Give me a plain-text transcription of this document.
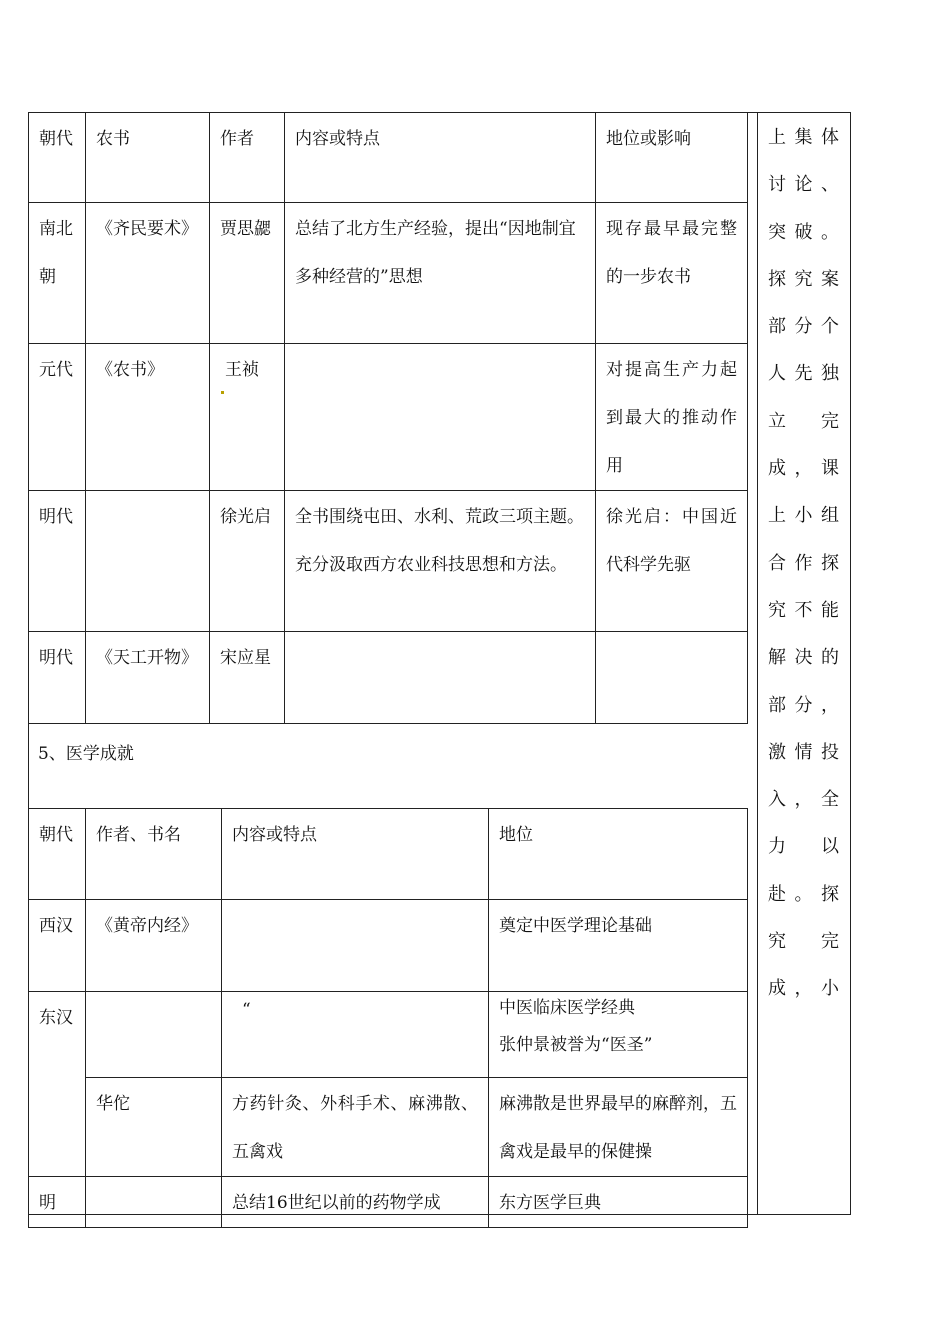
朝代	农书	作者	内容或特点	地位或影响
南北朝	《齐民要术》	贾思勰	总结了北方生产经验，提出“因地制宜多种经营的”思想	现存最早最完整的一步农书
元代	《农书》	王祯		对提高生产力起到最大的推动作用
明代		徐光启	全书围绕屯田、水利、荒政三项主题。充分汲取西方农业科技思想和方法。	徐光启：中国近代科学先驱
明代	《天工开物》	宋应星		
5、医学成就
朝代	作者、书名	内容或特点	地位
西汉	《黄帝内经》		奠定中医学理论基础
东汉		“	中医临床医学经典
张仲景被誉为“医圣”

	华佗	方药针灸、外科手术、麻沸散、五禽戏	麻沸散是世界最早的麻醉剂，五禽戏是最早的保健操
明		总结16世纪以前的药物学成	东方医学巨典

上集体讨论、突破。探究案部分个人先独立完成，课上小组合作探究不能解决的部分，激情投入，全力以赴。探究完成，小
